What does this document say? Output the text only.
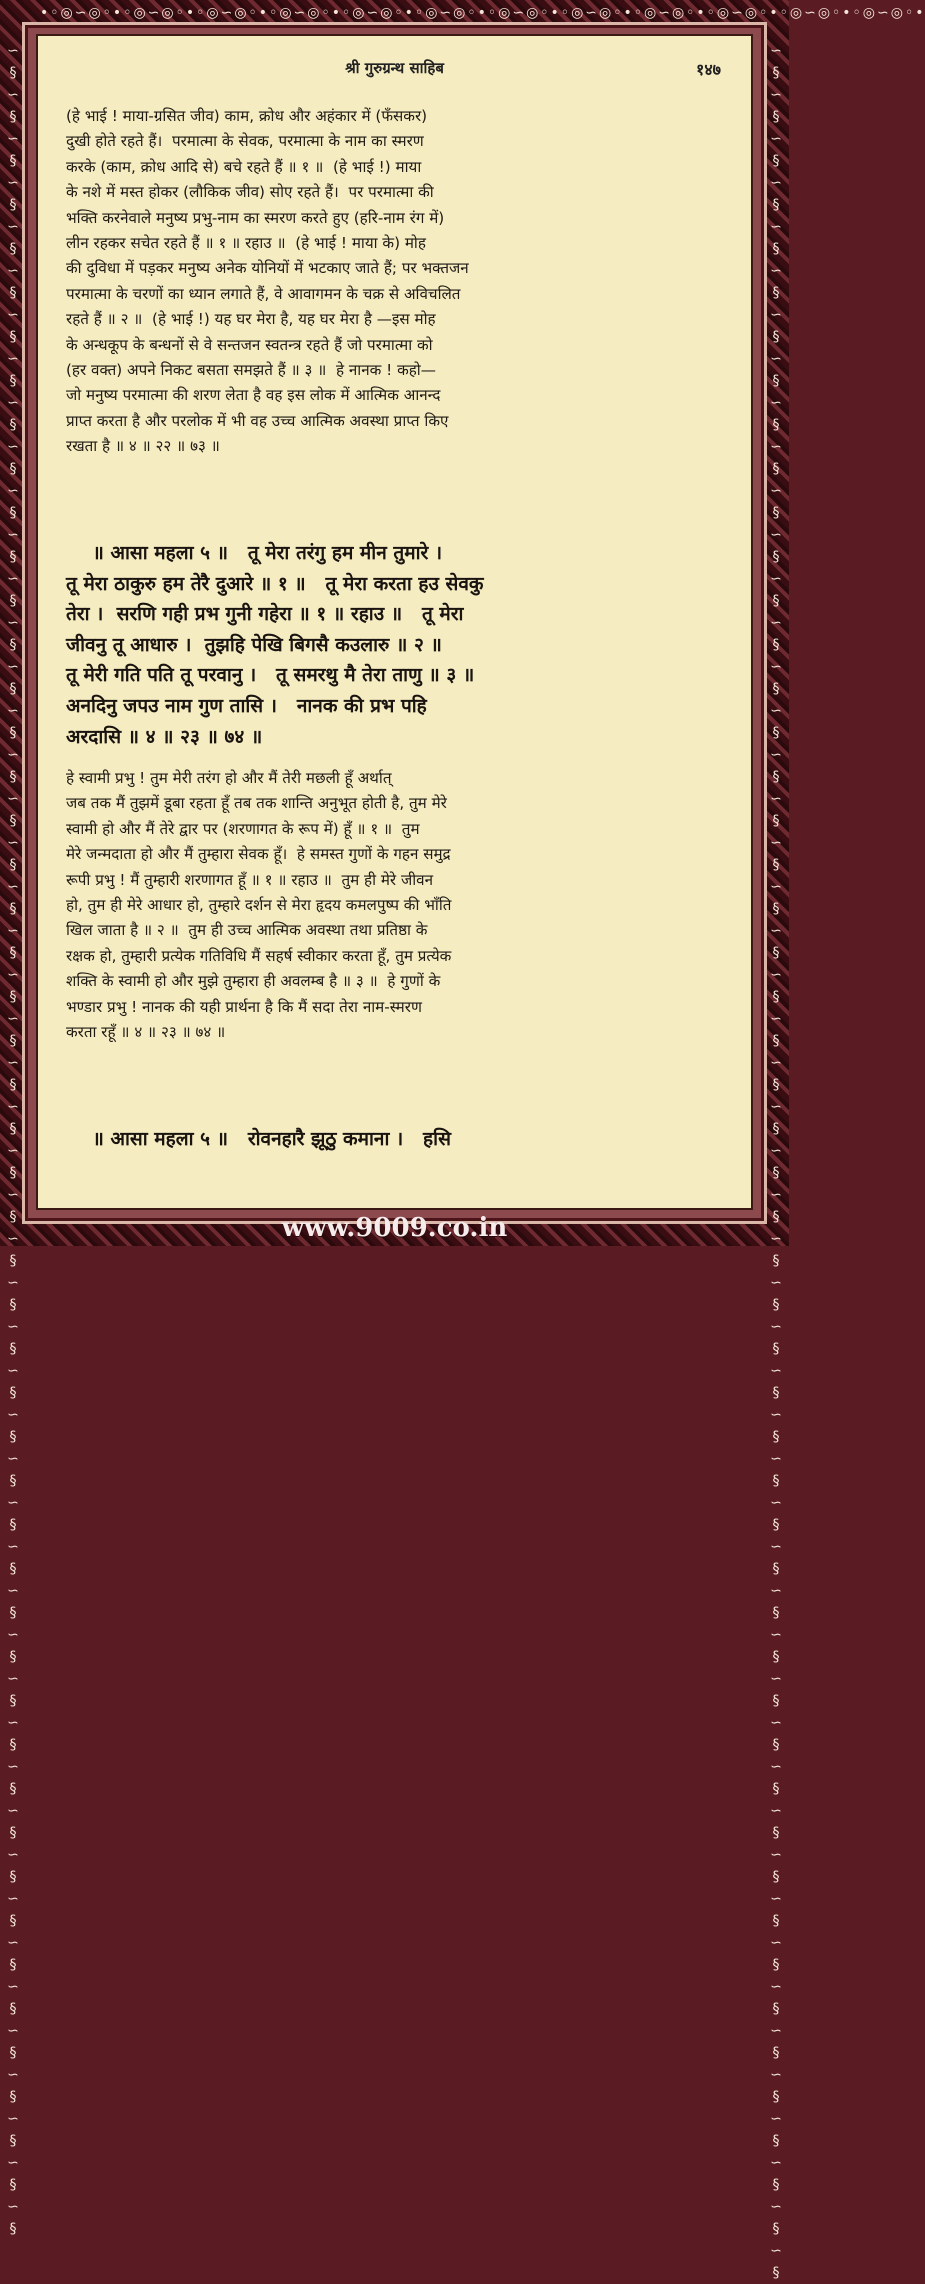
•◦◎∽◎◦•◦◎∽◎◦•◦◎∽◎◦•◦◎∽◎◦•◦◎∽◎◦•◦◎∽◎◦•◦◎∽◎◦•◦◎∽◎◦•◦◎∽◎◦•◦◎∽◎◦•◦◎∽◎◦•◦◎∽◎◦•
∽§∽§∽§∽§∽§∽§∽§∽§∽§∽§∽§∽§∽§∽§∽§∽§∽§∽§∽§∽§∽§∽§∽§∽§∽§∽§∽§∽§∽§∽§∽§∽§∽§∽§∽§∽§∽§∽§∽§∽§∽§∽§∽§∽§∽§∽§∽§∽§∽§∽§
∽§∽§∽§∽§∽§∽§∽§∽§∽§∽§∽§∽§∽§∽§∽§∽§∽§∽§∽§∽§∽§∽§∽§∽§∽§∽§∽§∽§∽§∽§∽§∽§∽§∽§∽§∽§∽§∽§∽§∽§∽§∽§∽§∽§∽§∽§∽§∽§∽§∽§∽§
श्री गुरुग्रन्थ साहिब	१४७
(हे भाई ! माया-ग्रसित जीव) काम, क्रोध और अहंकार में (फँसकर)
दुखी होते रहते हैं।  परमात्मा के सेवक, परमात्मा के नाम का स्मरण
करके (काम, क्रोध आदि से) बचे रहते हैं ॥ १ ॥  (हे भाई !) माया
के नशे में मस्त होकर (लौकिक जीव) सोए रहते हैं।  पर परमात्मा की
भक्ति करनेवाले मनुष्य प्रभु-नाम का स्मरण करते हुए (हरि-नाम रंग में)
लीन रहकर सचेत रहते हैं ॥ १ ॥ रहाउ ॥  (हे भाई ! माया के) मोह
की दुविधा में पड़कर मनुष्य अनेक योनियों में भटकाए जाते हैं; पर भक्तजन
परमात्मा के चरणों का ध्यान लगाते हैं, वे आवागमन के चक्र से अविचलित
रहते हैं ॥ २ ॥  (हे भाई !) यह घर मेरा है, यह घर मेरा है —इस मोह
के अन्धकूप के बन्धनों से वे सन्तजन स्वतन्त्र रहते हैं जो परमात्मा को
(हर वक्त) अपने निकट बसता समझते हैं ॥ ३ ॥  हे नानक ! कहो—
जो मनुष्य परमात्मा की शरण लेता है वह इस लोक में आत्मिक आनन्द
प्राप्त करता है और परलोक में भी वह उच्च आत्मिक अवस्था प्राप्त किए
रखता है ॥ ४ ॥ २२ ॥ ७३ ॥
॥ आसा महला ५ ॥   तू मेरा तरंगु हम मीन तुमारे ।
तू मेरा ठाकुरु हम तेरै दुआरे ॥ १ ॥   तू मेरा करता हउ सेवकु
तेरा ।  सरणि गही प्रभ गुनी गहेरा ॥ १ ॥ रहाउ ॥   तू मेरा
जीवनु तू आधारु ।  तुझहि पेखि बिगसै कउलारु ॥ २ ॥
तू मेरी गति पति तू परवानु ।   तू समरथु मै तेरा ताणु ॥ ३ ॥
अनदिनु जपउ नाम गुण तासि ।   नानक की प्रभ पहि
अरदासि ॥ ४ ॥ २३ ॥ ७४ ॥
हे स्वामी प्रभु ! तुम मेरी तरंग हो और मैं तेरी मछली हूँ अर्थात्
जब तक मैं तुझमें डूबा रहता हूँ तब तक शान्ति अनुभूत होती है, तुम मेरे
स्वामी हो और मैं तेरे द्वार पर (शरणागत के रूप में) हूँ ॥ १ ॥  तुम
मेरे जन्मदाता हो और मैं तुम्हारा सेवक हूँ।  हे समस्त गुणों के गहन समुद्र
रूपी प्रभु ! मैं तुम्हारी शरणागत हूँ ॥ १ ॥ रहाउ ॥  तुम ही मेरे जीवन
हो, तुम ही मेरे आधार हो, तुम्हारे दर्शन से मेरा हृदय कमलपुष्प की भाँति
खिल जाता है ॥ २ ॥  तुम ही उच्च आत्मिक अवस्था तथा प्रतिष्ठा के
रक्षक हो, तुम्हारी प्रत्येक गतिविधि मैं सहर्ष स्वीकार करता हूँ, तुम प्रत्येक
शक्ति के स्वामी हो और मुझे तुम्हारा ही अवलम्ब है ॥ ३ ॥  हे गुणों के
भण्डार प्रभु ! नानक की यही प्रार्थना है कि मैं सदा तेरा नाम-स्मरण
करता रहूँ ॥ ४ ॥ २३ ॥ ७४ ॥
॥ आसा महला ५ ॥   रोवनहारै झूठु कमाना ।   हसि
www.9009.co.in
